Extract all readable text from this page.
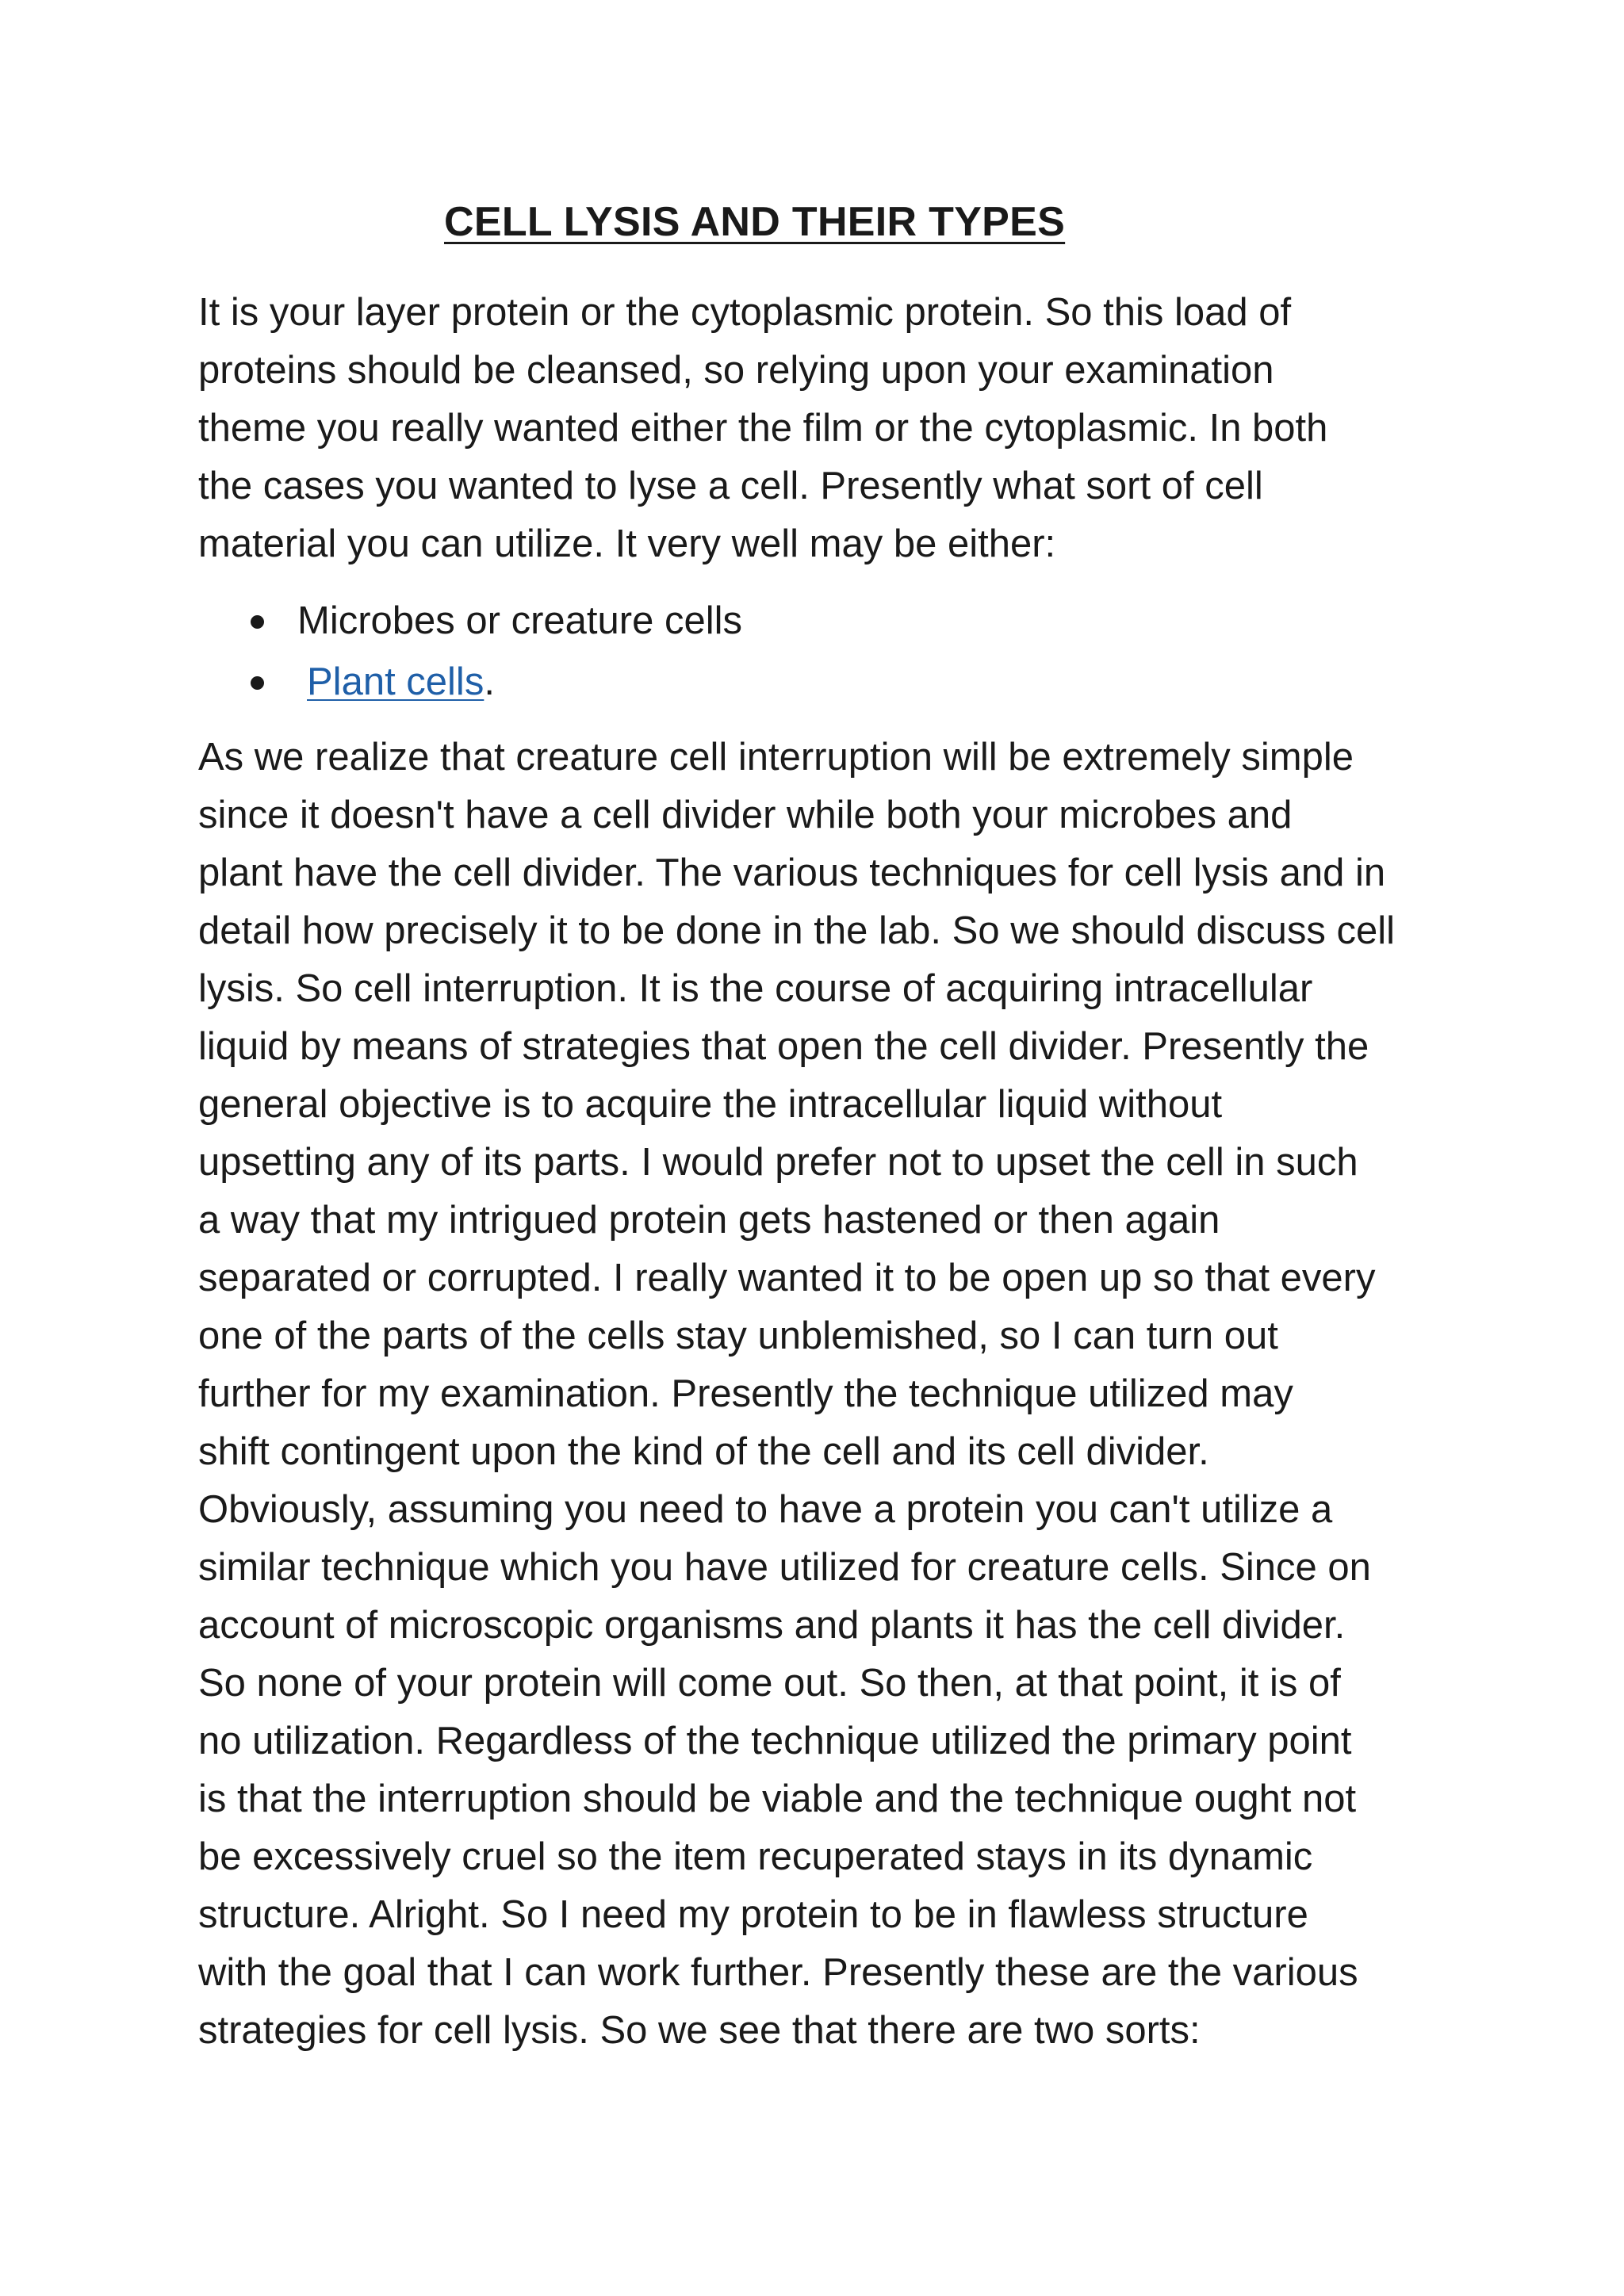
CELL LYSIS AND THEIR TYPES

It is your layer protein or the cytoplasmic protein. So this load of
proteins should be cleansed, so relying upon your examination
theme you really wanted either the film or the cytoplasmic. In both
the cases you wanted to lyse a cell. Presently what sort of cell
material you can utilize. It very well may be either:

Microbes or creature cells
Plant cells.

As we realize that creature cell interruption will be extremely simple
since it doesn't have a cell divider while both your microbes and
plant have the cell divider. The various techniques for cell lysis and in
detail how precisely it to be done in the lab. So we should discuss cell
lysis. So cell interruption. It is the course of acquiring intracellular
liquid by means of strategies that open the cell divider. Presently the
general objective is to acquire the intracellular liquid without
upsetting any of its parts. I would prefer not to upset the cell in such
a way that my intrigued protein gets hastened or then again
separated or corrupted. I really wanted it to be open up so that every
one of the parts of the cells stay unblemished, so I can turn out
further for my examination. Presently the technique utilized may
shift contingent upon the kind of the cell and its cell divider.
Obviously, assuming you need to have a protein you can't utilize a
similar technique which you have utilized for creature cells. Since on
account of microscopic organisms and plants it has the cell divider.
So none of your protein will come out. So then, at that point, it is of
no utilization. Regardless of the technique utilized the primary point
is that the interruption should be viable and the technique ought not
be excessively cruel so the item recuperated stays in its dynamic
structure. Alright. So I need my protein to be in flawless structure
with the goal that I can work further. Presently these are the various
strategies for cell lysis. So we see that there are two sorts:
